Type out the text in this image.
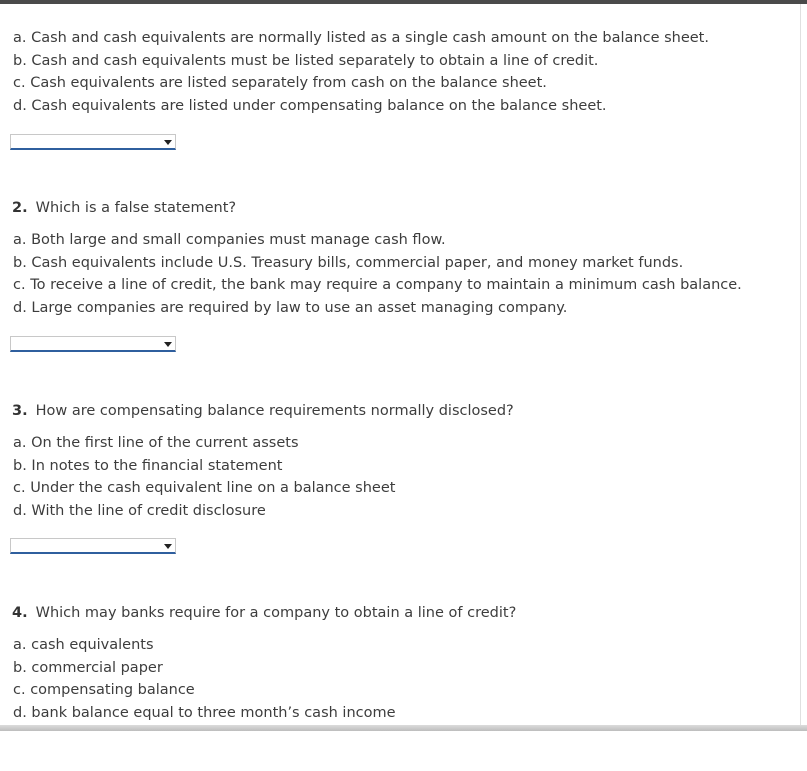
a. Cash and cash equivalents are normally listed as a single cash amount on the balance sheet.
b. Cash and cash equivalents must be listed separately to obtain a line of credit.
c. Cash equivalents are listed separately from cash on the balance sheet.
d. Cash equivalents are listed under compensating balance on the balance sheet.
2. Which is a false statement?
a. Both large and small companies must manage cash flow.
b. Cash equivalents include U.S. Treasury bills, commercial paper, and money market funds.
c. To receive a line of credit, the bank may require a company to maintain a minimum cash balance.
d. Large companies are required by law to use an asset managing company.
3. How are compensating balance requirements normally disclosed?
a. On the first line of the current assets
b. In notes to the financial statement
c. Under the cash equivalent line on a balance sheet
d. With the line of credit disclosure
4. Which may banks require for a company to obtain a line of credit?
a. cash equivalents
b. commercial paper
c. compensating balance
d. bank balance equal to three month’s cash income
